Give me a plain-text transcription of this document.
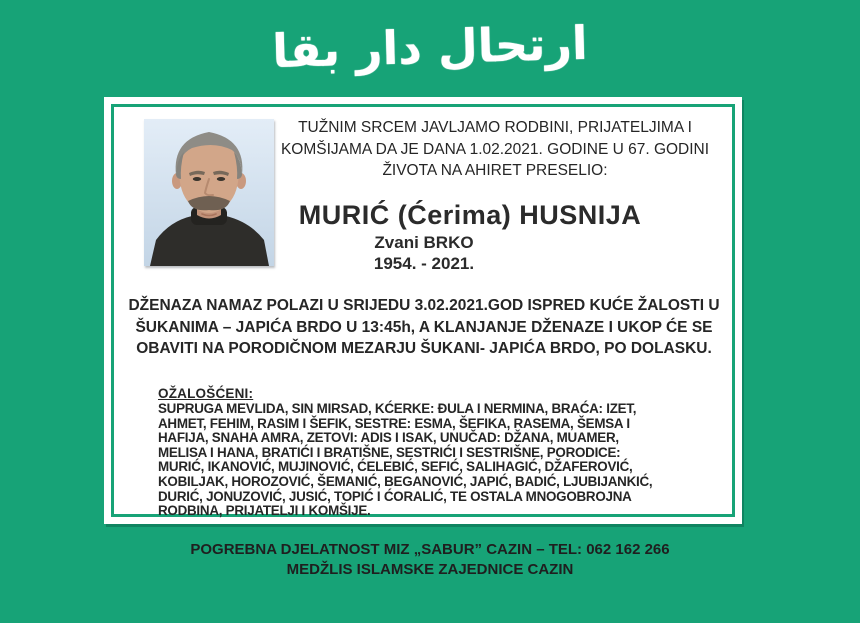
ارتحال دار بقا
TUŽNIM SRCEM JAVLJAMO RODBINI, PRIJATELJIMA I KOMŠIJAMA DA JE DANA 1.02.2021. GODINE U 67. GODINI ŽIVOTA NA AHIRET PRESELIO:
MURIĆ (Ćerima) HUSNIJA
Zvani BRKO
1954. - 2021.
DŽENAZA NAMAZ POLAZI U SRIJEDU 3.02.2021.GOD ISPRED KUĆE ŽALOSTI U ŠUKANIMA – JAPIĆA BRDO U 13:45h, A KLANJANJE DŽENAZE I UKOP ĆE SE OBAVITI NA PORODIČNOM MEZARJU ŠUKANI- JAPIĆA BRDO, PO DOLASKU.
OŽALOŠĆENI:
SUPRUGA MEVLIDA, SIN MIRSAD, KĆERKE: ĐULA I NERMINA, BRAĆA: IZET,
AHMET, FEHIM, RASIM I ŠEFIK, SESTRE: ESMA, ŠEFIKA, RASEMA, ŠEMSA I
HAFIJA, SNAHA AMRA, ZETOVI: ADIS I ISAK, UNUČAD: DŽANA, MUAMER,
MELISA I HANA, BRATIĆI I BRATIŠNE, SESTRIĆI I SESTRIŠNE, PORODICE:
MURIĆ, IKANOVIĆ, MUJINOVIĆ, ĆELEBIĆ, SEFIĆ, SALIHAGIĆ, DŽAFEROVIĆ,
KOBILJAK, HOROZOVIĆ, ŠEMANIĆ, BEGANOVIĆ, JAPIĆ, BADIĆ, LJUBIJANKIĆ,
DURIĆ, JONUZOVIĆ, JUSIĆ, TOPIĆ I ĆORALIĆ, TE OSTALA MNOGOBROJNA
RODBINA, PRIJATELJI I KOMŠIJE.
POGREBNA DJELATNOST MIZ „SABUR” CAZIN – TEL: 062 162 266
MEDŽLIS ISLAMSKE ZAJEDNICE CAZIN
